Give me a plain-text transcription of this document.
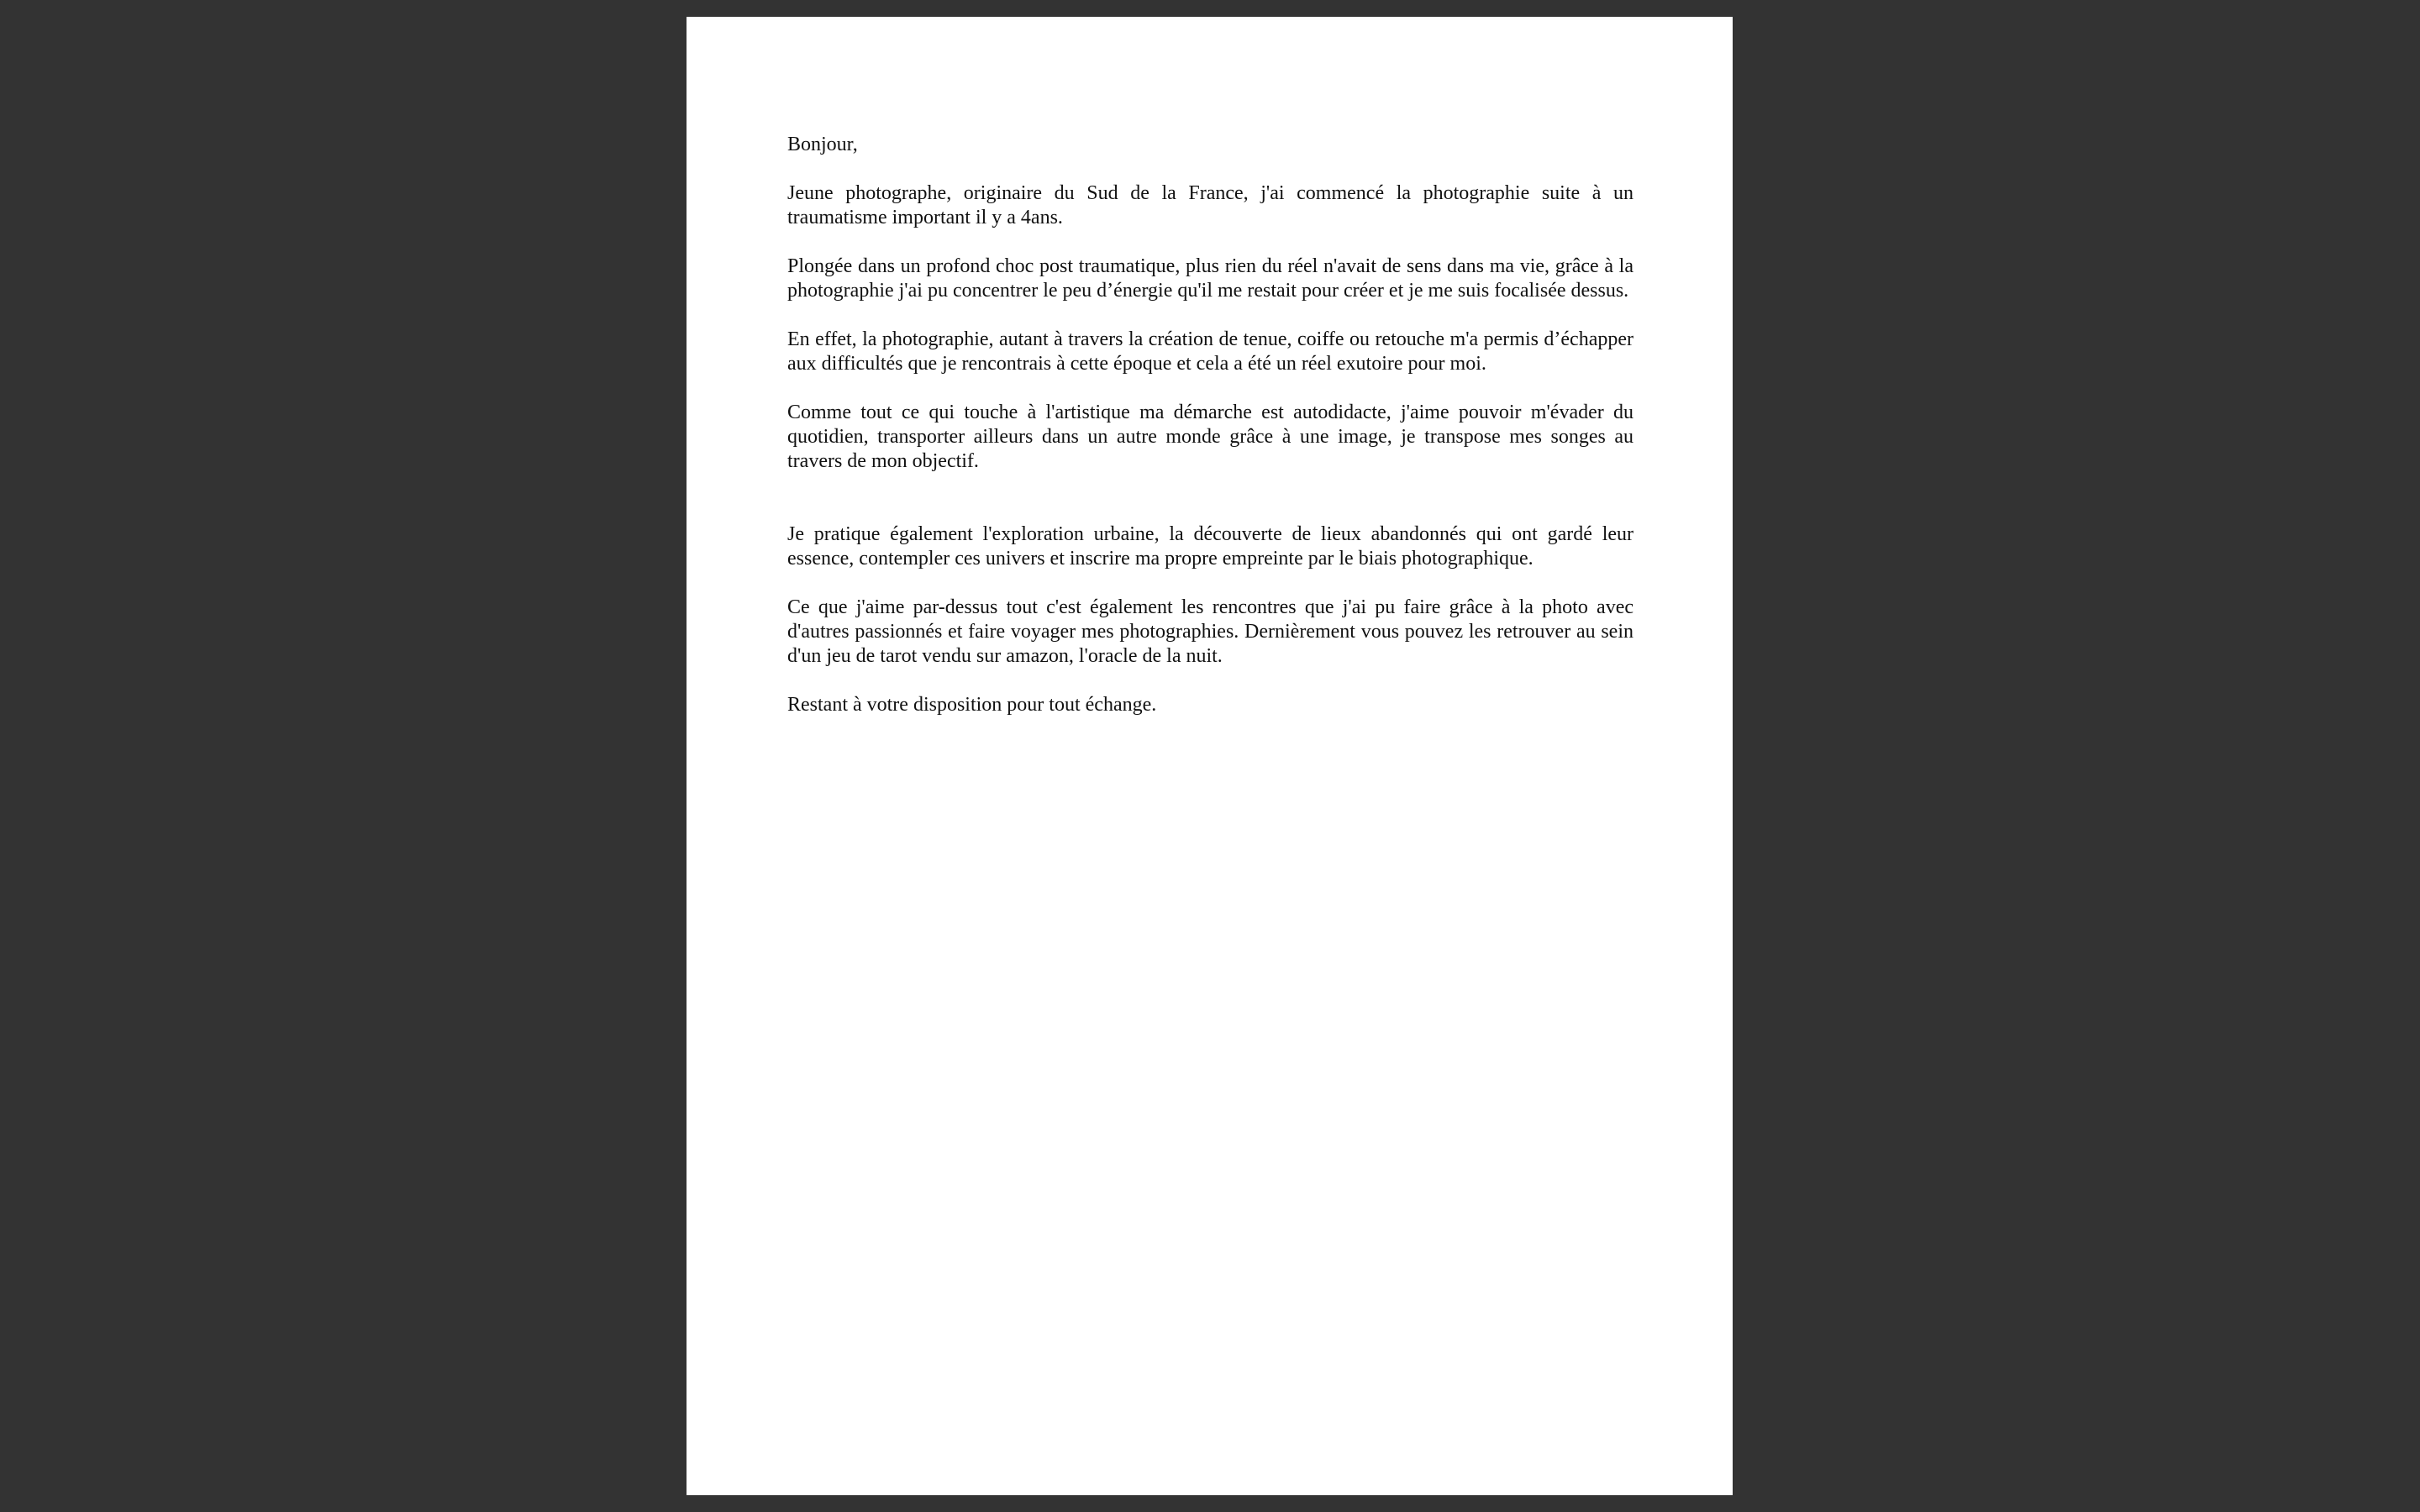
Bonjour,

Jeune photographe, originaire du Sud de la France, j'ai commencé la photographie suite à un traumatisme important il y a 4ans.

Plongée dans un profond choc post traumatique, plus rien du réel n'avait de sens dans ma vie, grâce à la photographie j'ai pu concentrer le peu d’énergie qu'il me restait pour créer et je me suis focalisée dessus.

En effet, la photographie, autant à travers la création de tenue, coiffe ou retouche m'a permis d’échapper aux difficultés que je rencontrais à cette époque et cela a été un réel exutoire pour moi.

Comme tout ce qui touche à l'artistique ma démarche est autodidacte, j'aime pouvoir m'évader du quotidien, transporter ailleurs dans un autre monde grâce à une image, je transpose mes songes au travers de mon objectif.

Je pratique également l'exploration urbaine, la découverte de lieux abandonnés qui ont gardé leur essence, contempler ces univers et inscrire ma propre empreinte par le biais photographique.

Ce que j'aime par-dessus tout c'est également les rencontres que j'ai pu faire grâce à la photo avec d'autres passionnés et faire voyager mes photographies. Dernièrement vous pouvez les retrouver au sein d'un jeu de tarot vendu sur amazon, l'oracle de la nuit.

Restant à votre disposition pour tout échange.
